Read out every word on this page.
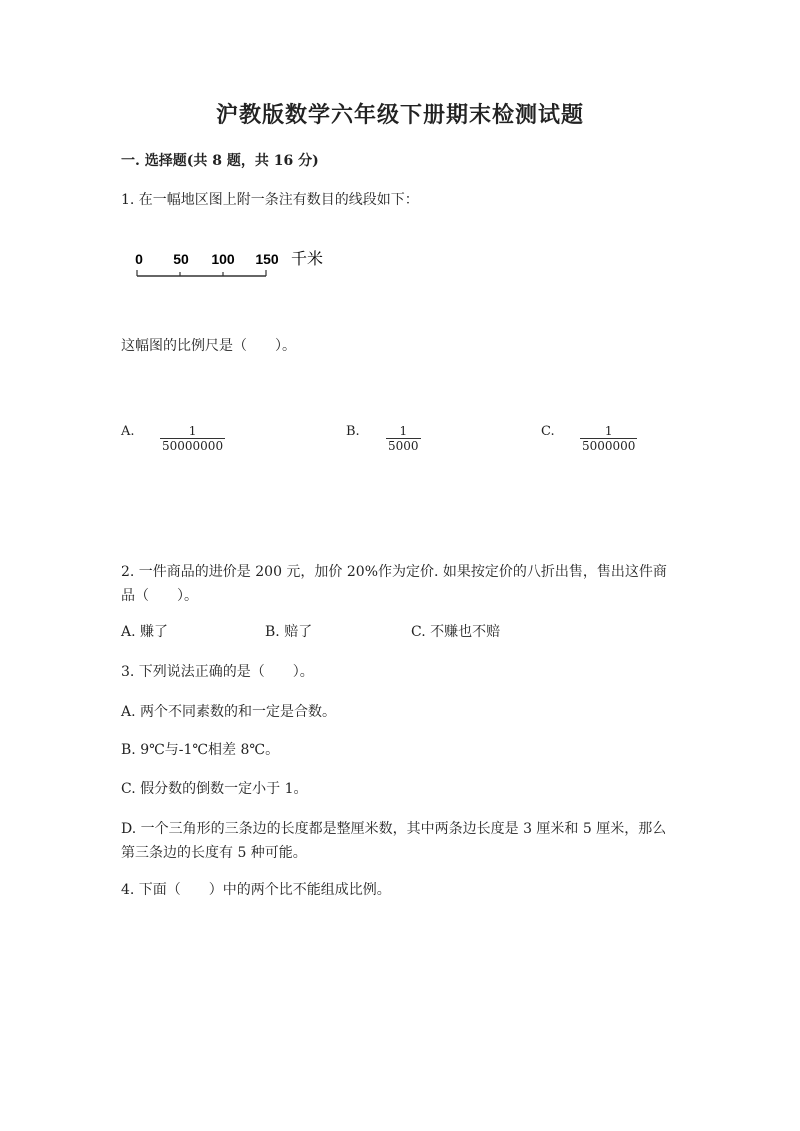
沪教版数学六年级下册期末检测试题
一. 选择题(共 8 题，共 16 分)
1. 在一幅地区图上附一条注有数目的线段如下：
0 50 100 150 千米
这幅图的比例尺是（　　）。
A. $\frac{1}{50000000}$	B. $\frac{1}{5000}$	C. $\frac{1}{5000000}$
2. 一件商品的进价是 200 元，加价 20%作为定价. 如果按定价的八折出售，售出这件商品（　　）。
A. 赚了	B. 赔了	C. 不赚也不赔
3. 下列说法正确的是（　　）。
A. 两个不同素数的和一定是合数。
B. 9℃与-1℃相差 8℃。
C. 假分数的倒数一定小于 1。
D. 一个三角形的三条边的长度都是整厘米数，其中两条边长度是 3 厘米和 5 厘米，那么第三条边的长度有 5 种可能。
4. 下面（　　）中的两个比不能组成比例。
